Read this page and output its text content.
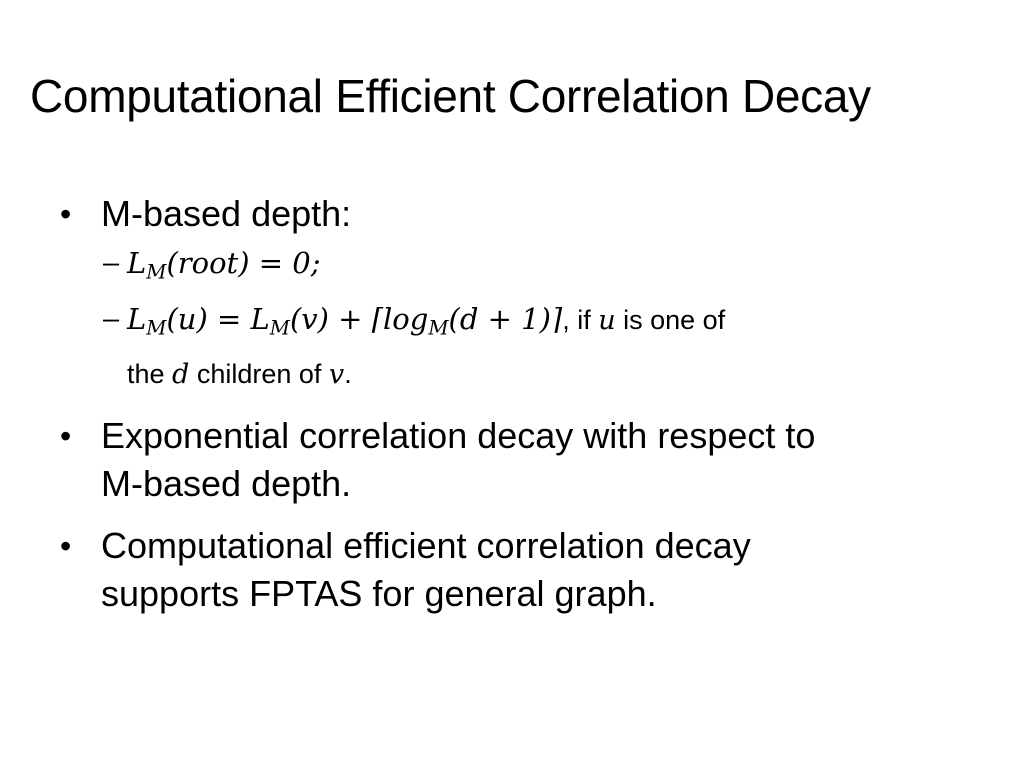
Computational Efficient Correlation Decay
• M-based depth:
– $L_M(root) = 0$;
– $L_M(u) = L_M(v)$ + $⌈\log_M(d$ + 1)⌉, if u is one of
the d children of v.
• Exponential correlation decay with respect to
M-based depth.
• Computational efficient correlation decay
supports FPTAS for general graph.
